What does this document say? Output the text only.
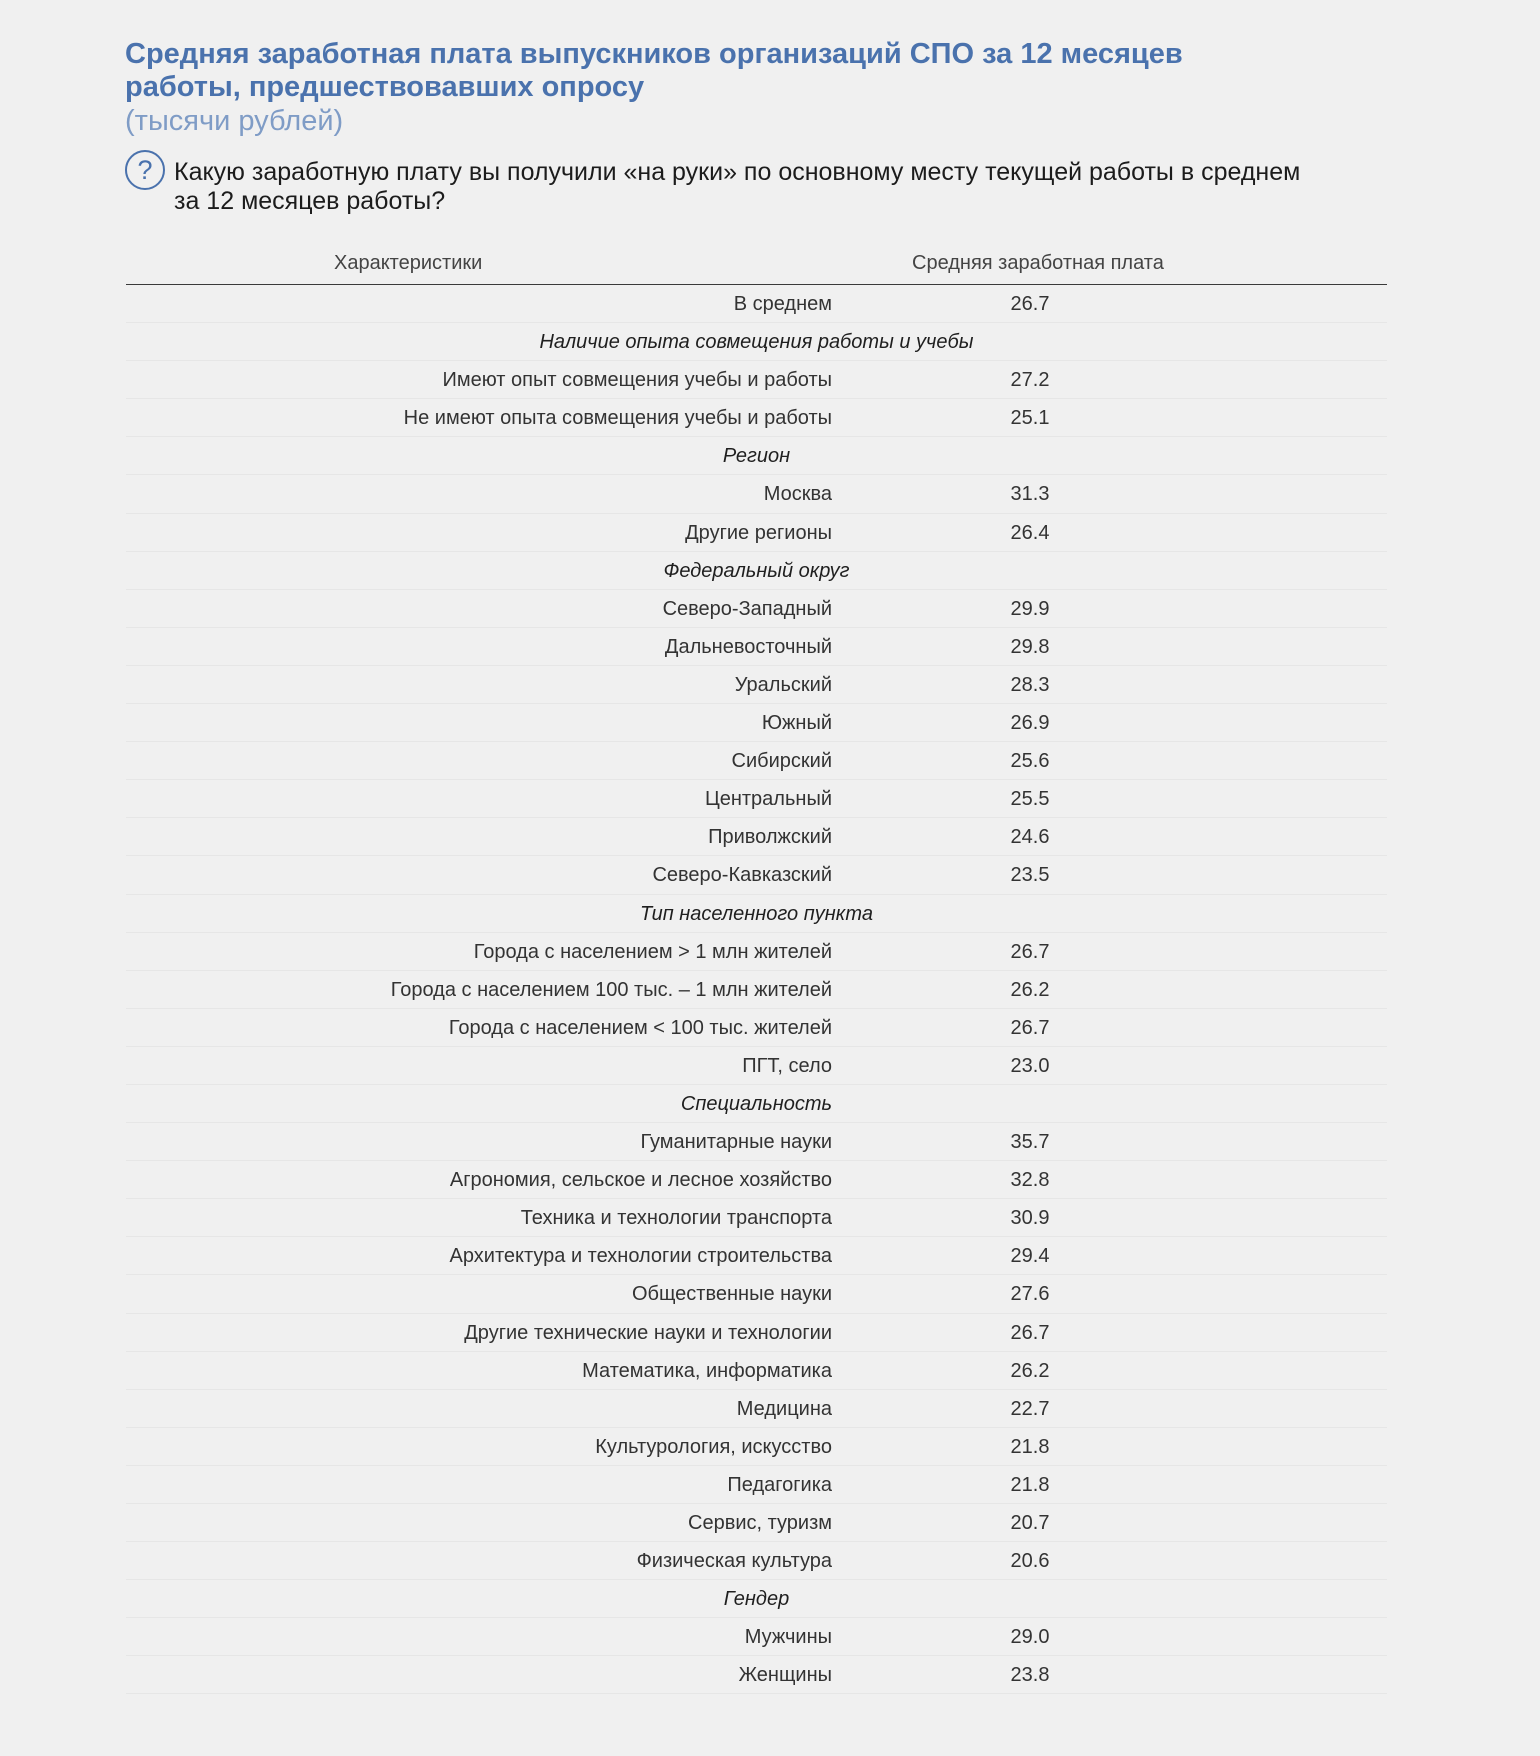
Средняя заработная плата выпускников организаций СПО за 12 месяцев работы, предшествовавших опросу
(тысячи рублей)
? Какую заработную плату вы получили «на руки» по основному месту текущей работы в среднем за 12 месяцев работы?
Характеристики	Средняя заработная плата
В среднем	26.7
Наличие опыта совмещения работы и учебы
Имеют опыт совмещения учебы и работы	27.2
Не имеют опыта совмещения учебы и работы	25.1
Регион
Москва	31.3
Другие регионы	26.4
Федеральный округ
Северо-Западный	29.9
Дальневосточный	29.8
Уральский	28.3
Южный	26.9
Сибирский	25.6
Центральный	25.5
Приволжский	24.6
Северо-Кавказский	23.5
Тип населенного пункта
Города с населением > 1 млн жителей	26.7
Города с населением 100 тыс. – 1 млн жителей	26.2
Города с населением < 100 тыс. жителей	26.7
ПГТ, село	23.0
Специальность
Гуманитарные науки	35.7
Агрономия, сельское и лесное хозяйство	32.8
Техника и технологии транспорта	30.9
Архитектура и технологии строительства	29.4
Общественные науки	27.6
Другие технические науки и технологии	26.7
Математика, информатика	26.2
Медицина	22.7
Культурология, искусство	21.8
Педагогика	21.8
Сервис, туризм	20.7
Физическая культура	20.6
Гендер
Мужчины	29.0
Женщины	23.8
